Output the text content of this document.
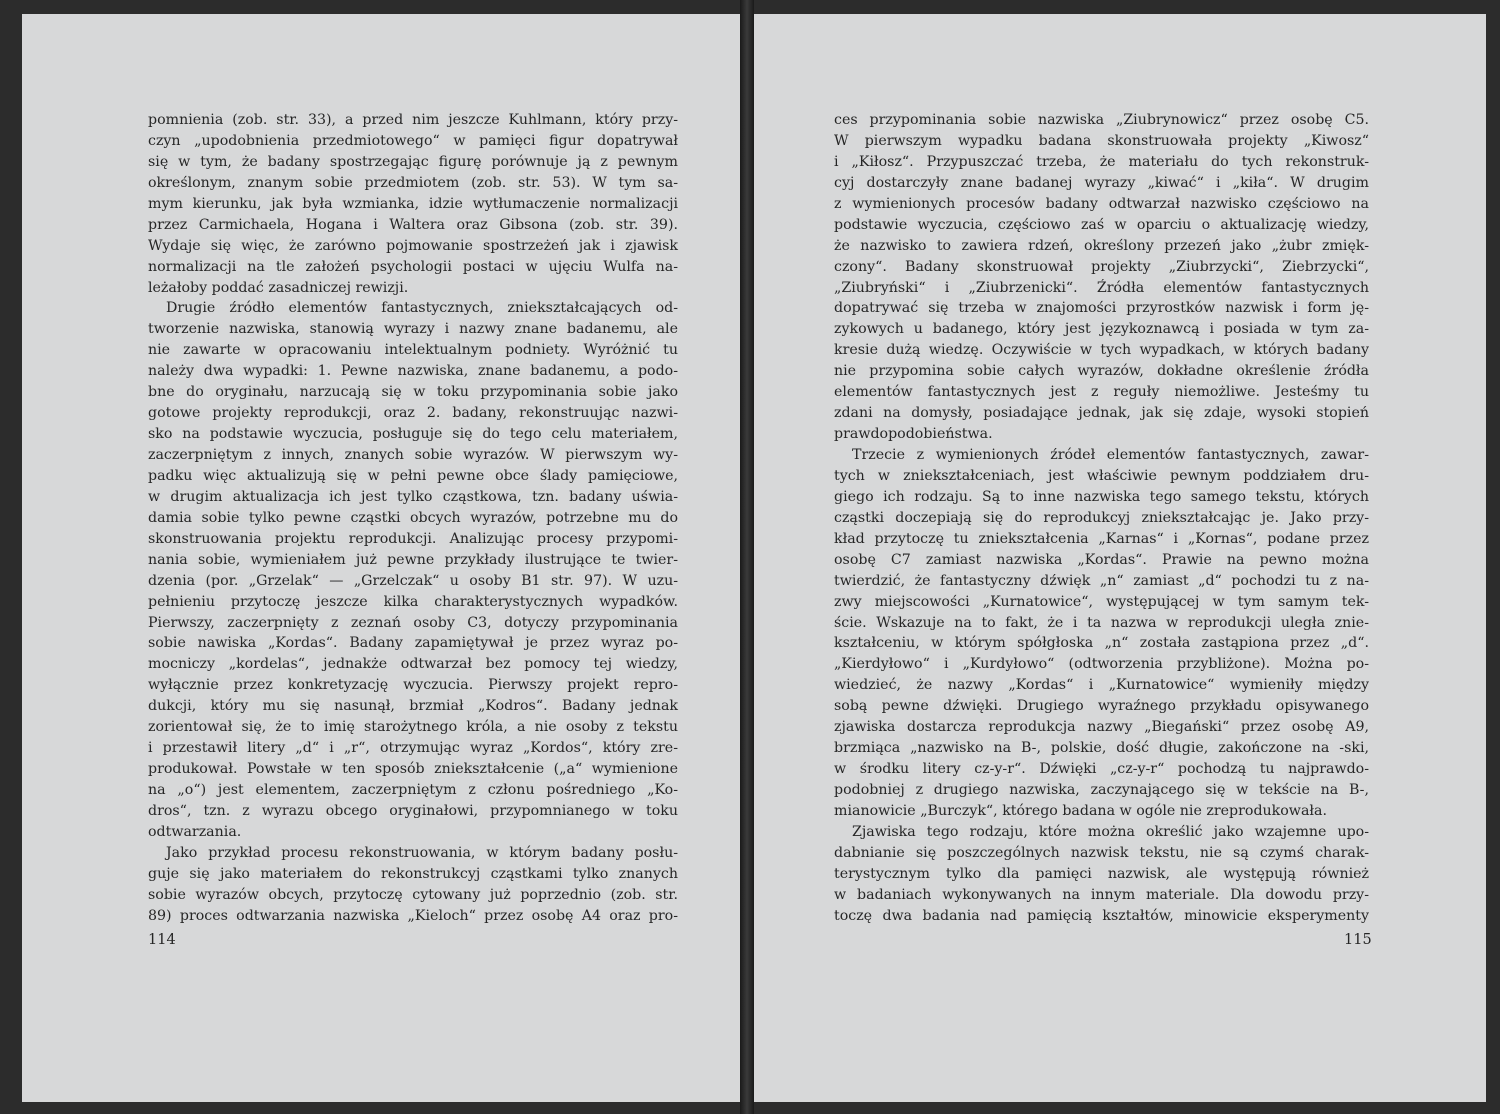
pomnienia (zob. str. 33), a przed nim jeszcze Kuhlmann, który przy-
czyn „upodobnienia przedmiotowego“ w pamięci figur dopatrywał
się w tym, że badany spostrzegając figurę porównuje ją z pewnym
określonym, znanym sobie przedmiotem (zob. str. 53). W tym sa-
mym kierunku, jak była wzmianka, idzie wytłumaczenie normalizacji
przez Carmichaela, Hogana i Waltera oraz Gibsona (zob. str. 39).
Wydaje się więc, że zarówno pojmowanie spostrzeżeń jak i zjawisk
normalizacji na tle założeń psychologii postaci w ujęciu Wulfa na-
leżałoby poddać zasadniczej rewizji.
Drugie źródło elementów fantastycznych, zniekształcających od-
tworzenie nazwiska, stanowią wyrazy i nazwy znane badanemu, ale
nie zawarte w opracowaniu intelektualnym podniety. Wyróżnić tu
należy dwa wypadki: 1. Pewne nazwiska, znane badanemu, a podo-
bne do oryginału, narzucają się w toku przypominania sobie jako
gotowe projekty reprodukcji, oraz 2. badany, rekonstruując nazwi-
sko na podstawie wyczucia, posługuje się do tego celu materiałem,
zaczerpniętym z innych, znanych sobie wyrazów. W pierwszym wy-
padku więc aktualizują się w pełni pewne obce ślady pamięciowe,
w drugim aktualizacja ich jest tylko cząstkowa, tzn. badany uświa-
damia sobie tylko pewne cząstki obcych wyrazów, potrzebne mu do
skonstruowania projektu reprodukcji. Analizując procesy przypomi-
nania sobie, wymieniałem już pewne przykłady ilustrujące te twier-
dzenia (por. „Grzelak“ — „Grzelczak“ u osoby B1 str. 97). W uzu-
pełnieniu przytoczę jeszcze kilka charakterystycznych wypadków.
Pierwszy, zaczerpnięty z zeznań osoby C3, dotyczy przypominania
sobie nawiska „Kordas“. Badany zapamiętywał je przez wyraz po-
mocniczy „kordelas“, jednakże odtwarzał bez pomocy tej wiedzy,
wyłącznie przez konkretyzację wyczucia. Pierwszy projekt repro-
dukcji, który mu się nasunął, brzmiał „Kodros“. Badany jednak
zorientował się, że to imię starożytnego króla, a nie osoby z tekstu
i przestawił litery „d“ i „r“, otrzymując wyraz „Kordos“, który zre-
produkował. Powstałe w ten sposób zniekształcenie („a“ wymienione
na „o“) jest elementem, zaczerpniętym z członu pośredniego „Ko-
dros“, tzn. z wyrazu obcego oryginałowi, przypomnianego w toku
odtwarzania.
Jako przykład procesu rekonstruowania, w którym badany posłu-
guje się jako materiałem do rekonstrukcyj cząstkami tylko znanych
sobie wyrazów obcych, przytoczę cytowany już poprzednio (zob. str.
89) proces odtwarzania nazwiska „Kieloch“ przez osobę A4 oraz pro-
114
ces przypominania sobie nazwiska „Ziubrynowicz“ przez osobę C5.
W pierwszym wypadku badana skonstruowała projekty „Kiwosz“
i „Kiłosz“. Przypuszczać trzeba, że materiału do tych rekonstruk-
cyj dostarczyły znane badanej wyrazy „kiwać“ i „kiła“. W drugim
z wymienionych procesów badany odtwarzał nazwisko częściowo na
podstawie wyczucia, częściowo zaś w oparciu o aktualizację wiedzy,
że nazwisko to zawiera rdzeń, określony przezeń jako „żubr zmięk-
czony“. Badany skonstruował projekty „Ziubrzycki“, Ziebrzycki“,
„Ziubryński“ i „Ziubrzenicki“. Źródła elementów fantastycznych
dopatrywać się trzeba w znajomości przyrostków nazwisk i form ję-
zykowych u badanego, który jest językoznawcą i posiada w tym za-
kresie dużą wiedzę. Oczywiście w tych wypadkach, w których badany
nie przypomina sobie całych wyrazów, dokładne określenie źródła
elementów fantastycznych jest z reguły niemożliwe. Jesteśmy tu
zdani na domysły, posiadające jednak, jak się zdaje, wysoki stopień
prawdopodobieństwa.
Trzecie z wymienionych źródeł elementów fantastycznych, zawar-
tych w zniekształceniach, jest właściwie pewnym poddziałem dru-
giego ich rodzaju. Są to inne nazwiska tego samego tekstu, których
cząstki doczepiają się do reprodukcyj zniekształcając je. Jako przy-
kład przytoczę tu zniekształcenia „Karnas“ i „Kornas“, podane przez
osobę C7 zamiast nazwiska „Kordas“. Prawie na pewno można
twierdzić, że fantastyczny dźwięk „n“ zamiast „d“ pochodzi tu z na-
zwy miejscowości „Kurnatowice“, występującej w tym samym tek-
ście. Wskazuje na to fakt, że i ta nazwa w reprodukcji uległa znie-
kształceniu, w którym spółgłoska „n“ została zastąpiona przez „d“.
„Kierdyłowo“ i „Kurdyłowo“ (odtworzenia przybliżone). Można po-
wiedzieć, że nazwy „Kordas“ i „Kurnatowice“ wymieniły między
sobą pewne dźwięki. Drugiego wyraźnego przykładu opisywanego
zjawiska dostarcza reprodukcja nazwy „Biegański“ przez osobę A9,
brzmiąca „nazwisko na B-, polskie, dość długie, zakończone na -ski,
w środku litery cz-y-r“. Dźwięki „cz-y-r“ pochodzą tu najprawdo-
podobniej z drugiego nazwiska, zaczynającego się w tekście na B-,
mianowicie „Burczyk“, którego badana w ogóle nie zreprodukowała.
Zjawiska tego rodzaju, które można określić jako wzajemne upo-
dabnianie się poszczególnych nazwisk tekstu, nie są czymś charak-
terystycznym tylko dla pamięci nazwisk, ale występują również
w badaniach wykonywanych na innym materiale. Dla dowodu przy-
toczę dwa badania nad pamięcią kształtów, minowicie eksperymenty
115
